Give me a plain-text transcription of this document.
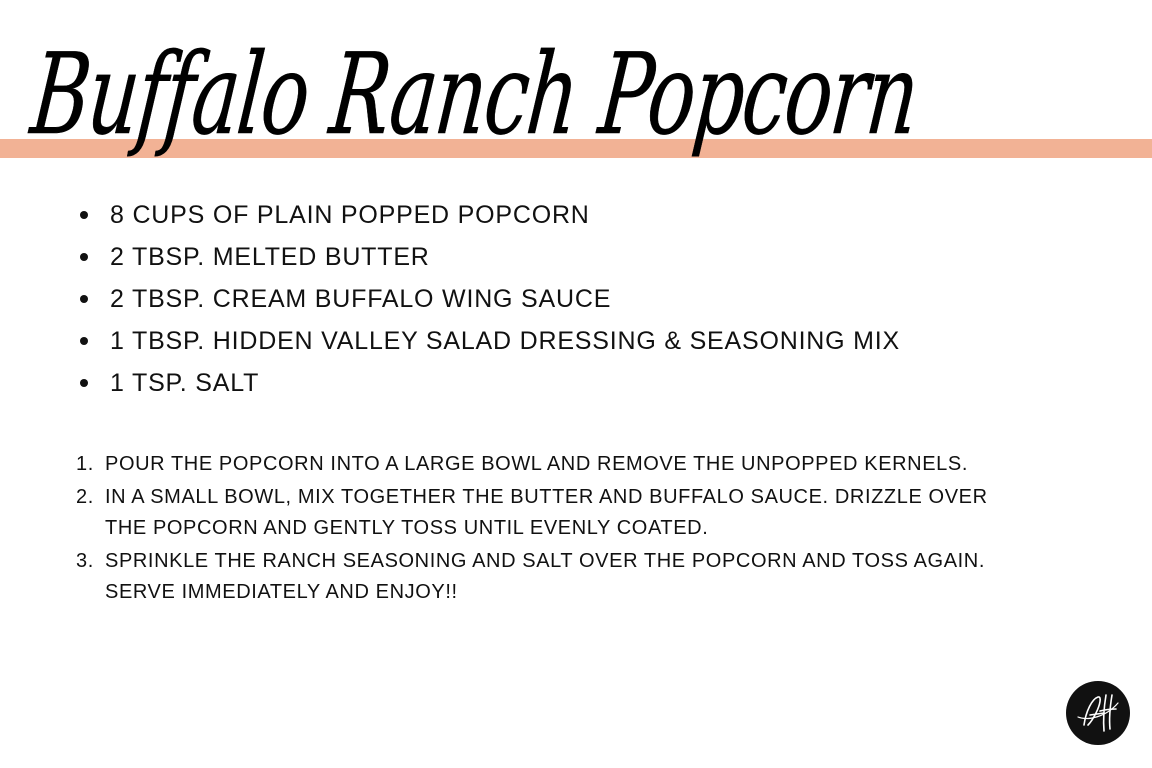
Buffalo Ranch Popcorn
8 CUPS OF PLAIN POPPED POPCORN
2 TBSP. MELTED BUTTER
2 TBSP. CREAM BUFFALO WING SAUCE
1 TBSP. HIDDEN VALLEY SALAD DRESSING & SEASONING MIX
1 TSP. SALT
1. POUR THE POPCORN INTO A LARGE BOWL AND REMOVE THE UNPOPPED KERNELS.
2. IN A SMALL BOWL, MIX TOGETHER THE BUTTER AND BUFFALO SAUCE. DRIZZLE OVER THE POPCORN AND GENTLY TOSS UNTIL EVENLY COATED.
3. SPRINKLE THE RANCH SEASONING AND SALT OVER THE POPCORN AND TOSS AGAIN. SERVE IMMEDIATELY AND ENJOY!!
